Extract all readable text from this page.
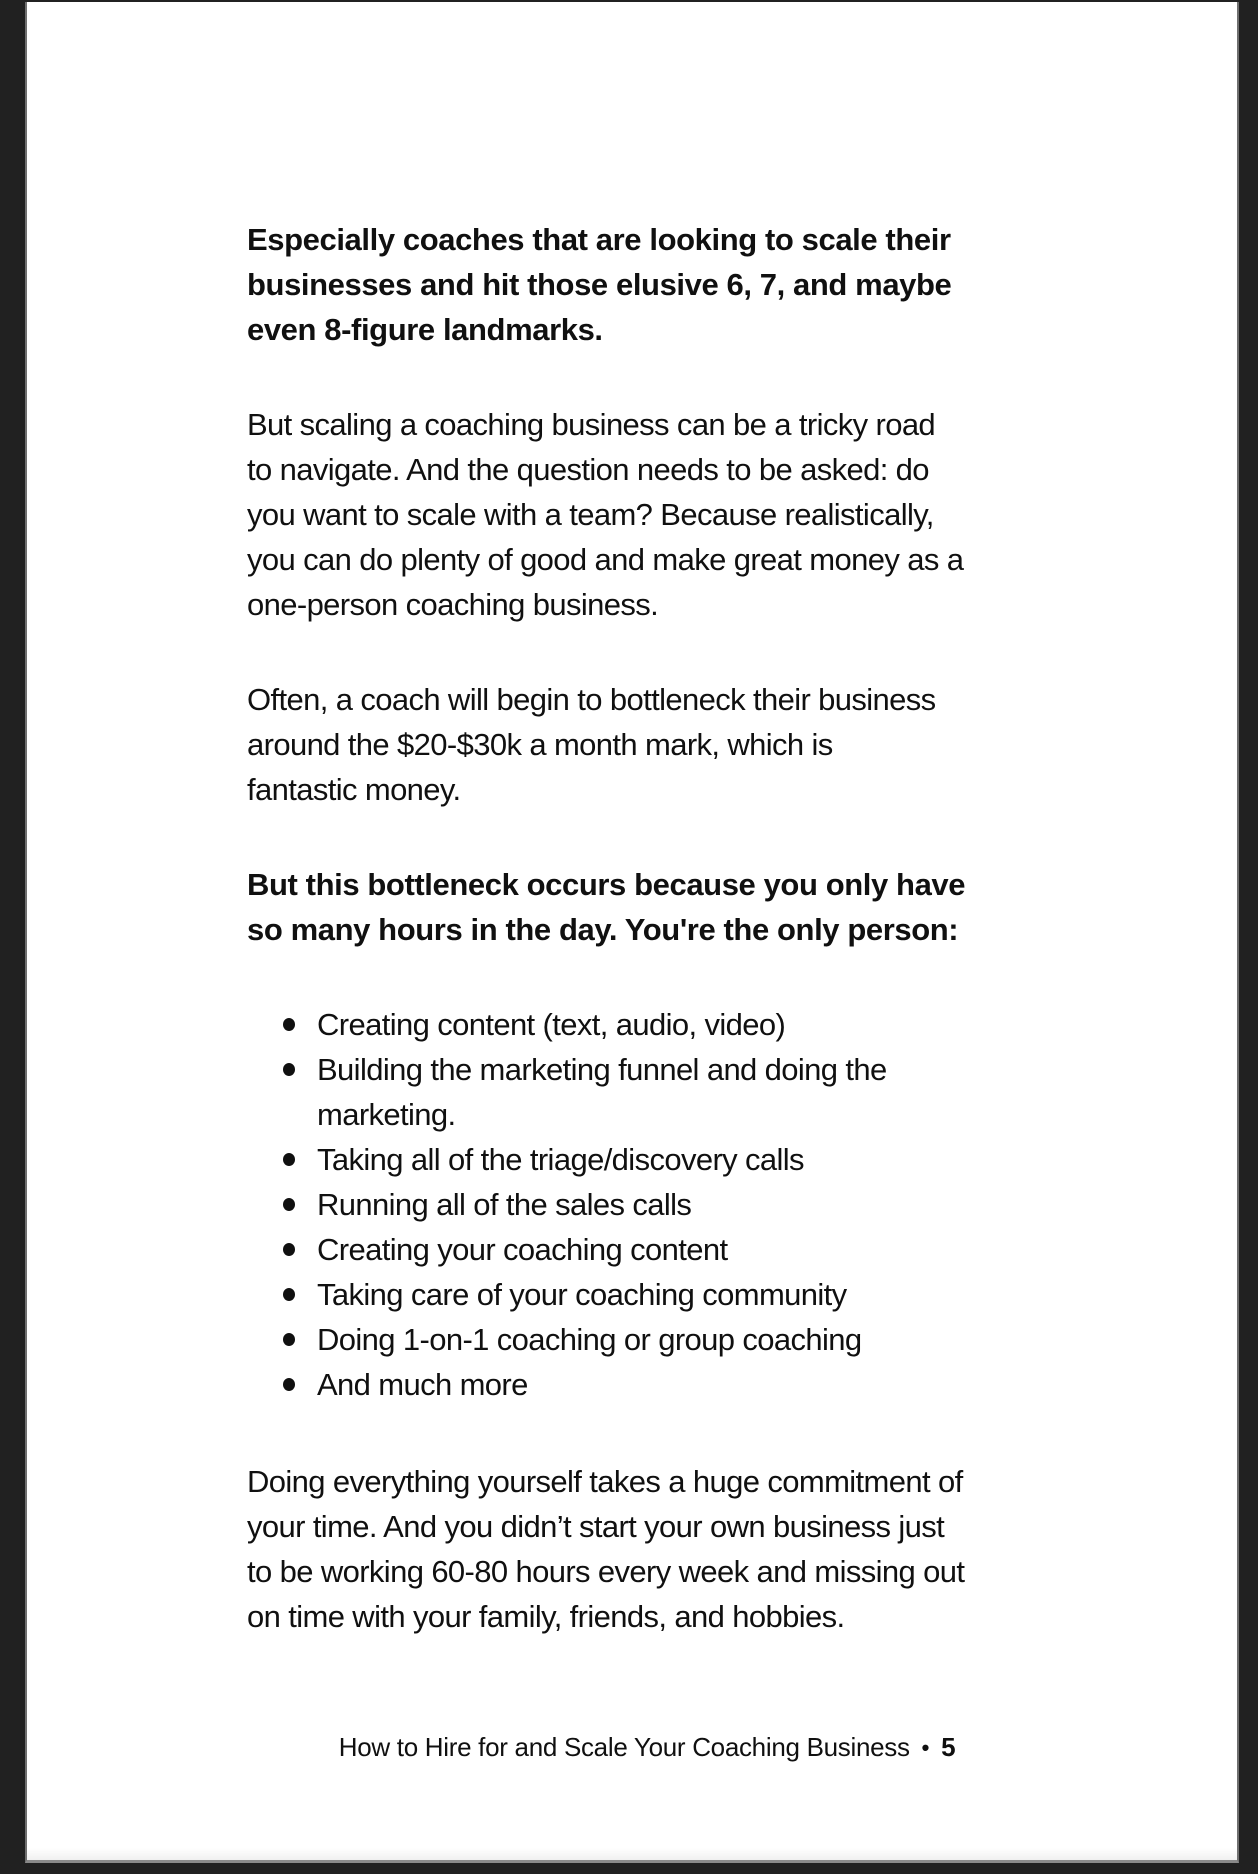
Especially coaches that are looking to scale their
businesses and hit those elusive 6, 7, and maybe
even 8-figure landmarks.

But scaling a coaching business can be a tricky road
to navigate. And the question needs to be asked: do
you want to scale with a team? Because realistically,
you can do plenty of good and make great money as a
one-person coaching business.

Often, a coach will begin to bottleneck their business
around the $20-$30k a month mark, which is
fantastic money.

But this bottleneck occurs because you only have
so many hours in the day. You're the only person:

Creating content (text, audio, video)
Building the marketing funnel and doing the
marketing.
Taking all of the triage/discovery calls
Running all of the sales calls
Creating your coaching content
Taking care of your coaching community
Doing 1-on-1 coaching or group coaching
And much more

Doing everything yourself takes a huge commitment of
your time. And you didn’t start your own business just
to be working 60-80 hours every week and missing out
on time with your family, friends, and hobbies.

How to Hire for and Scale Your Coaching Business • 5
